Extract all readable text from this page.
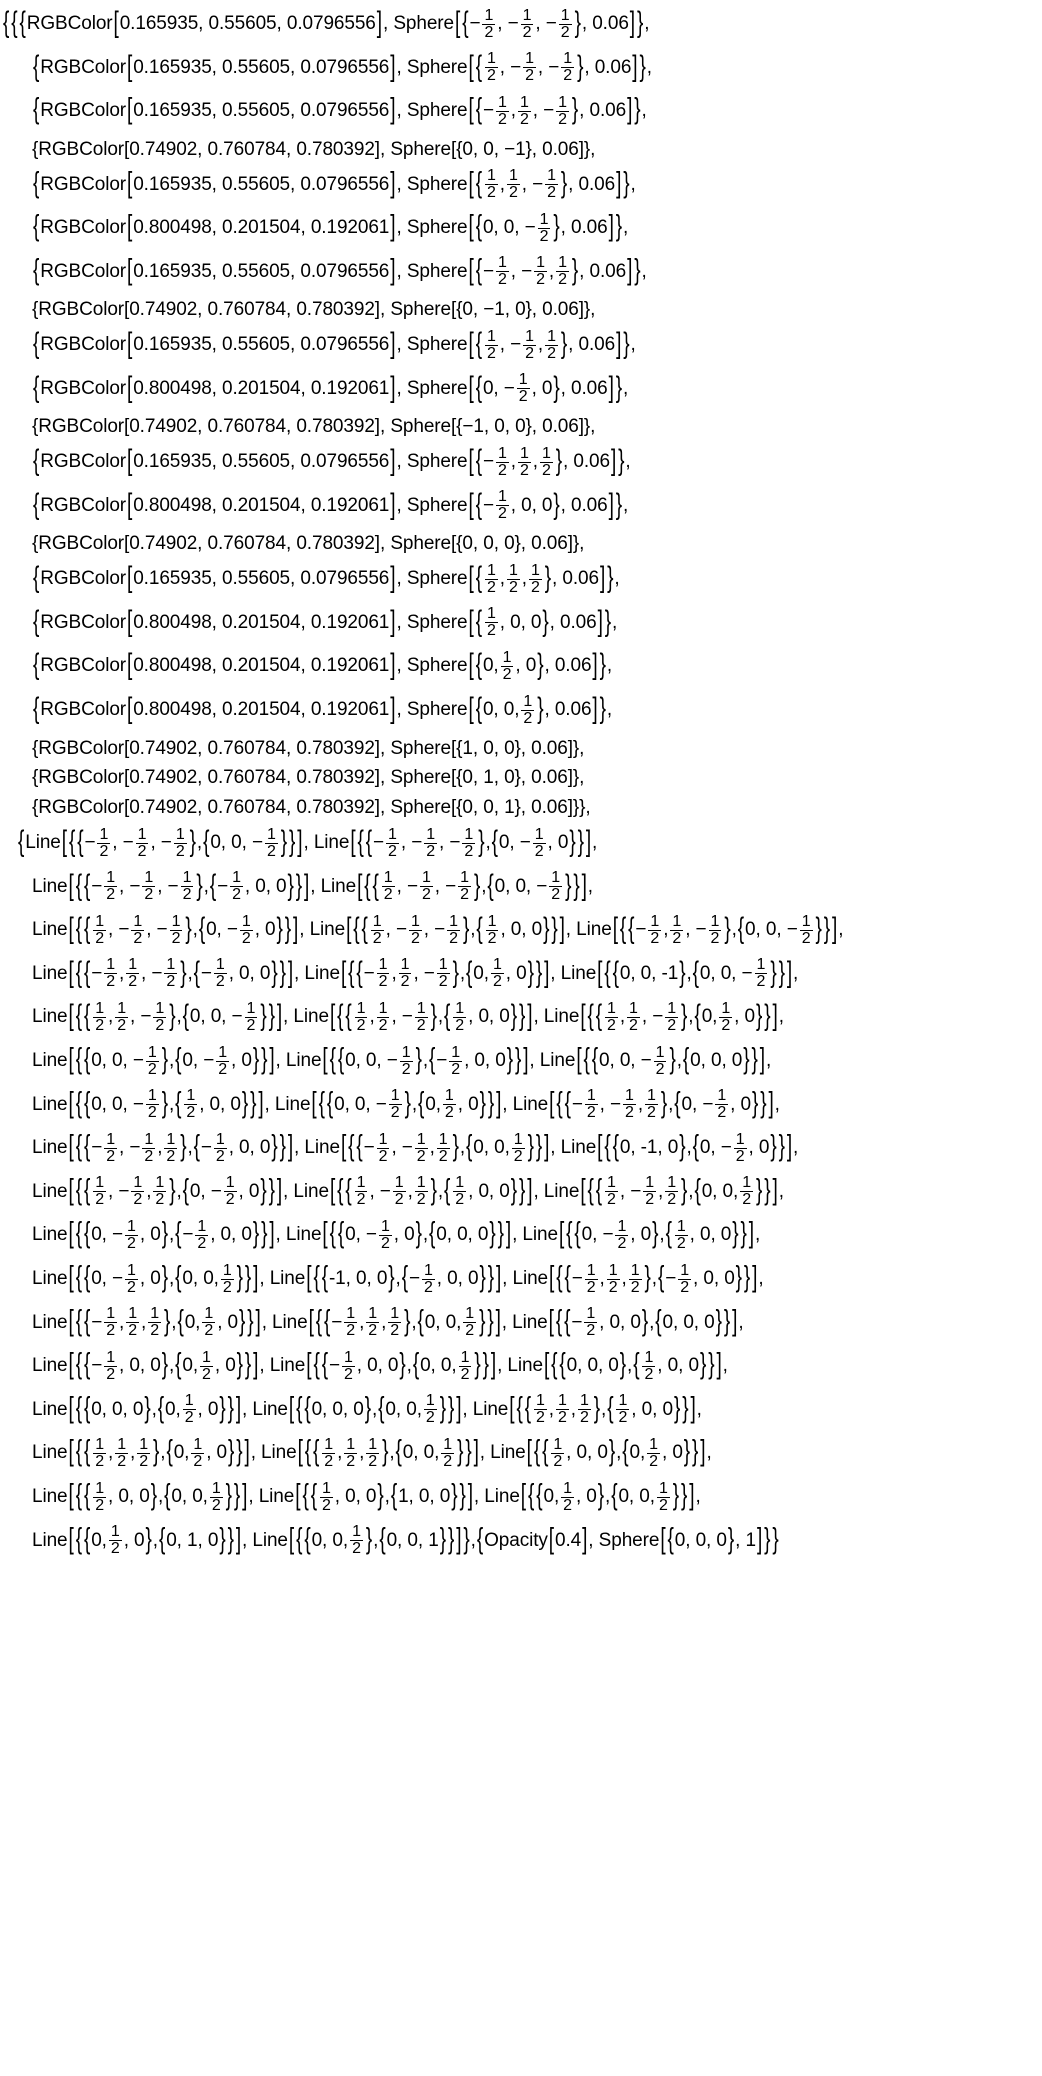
{ { { RGBColor [ 0.165935, 0.55605, 0.0796556 ] , Sphere [ { − $\frac{1}{2}$ , − $\frac{1}{2}$ , − $\frac{1}{2}$ } , 0.06 ] } ,
{ RGBColor [ 0.165935, 0.55605, 0.0796556 ] , Sphere [ { $\frac{1}{2}$ , − $\frac{1}{2}$ , − $\frac{1}{2}$ } , 0.06 ] } ,
{ RGBColor [ 0.165935, 0.55605, 0.0796556 ] , Sphere [ { − $\frac{1}{2}$ , $\frac{1}{2}$ , − $\frac{1}{2}$ } , 0.06 ] } ,
{RGBColor[0.74902, 0.760784, 0.780392], Sphere[{0, 0, −1}, 0.06]},
{ RGBColor [ 0.165935, 0.55605, 0.0796556 ] , Sphere [ { $\frac{1}{2}$ , $\frac{1}{2}$ , − $\frac{1}{2}$ } , 0.06 ] } ,
{ RGBColor [ 0.800498, 0.201504, 0.192061 ] , Sphere [ { 0, 0, − $\frac{1}{2}$ } , 0.06 ] } ,
{ RGBColor [ 0.165935, 0.55605, 0.0796556 ] , Sphere [ { − $\frac{1}{2}$ , − $\frac{1}{2}$ , $\frac{1}{2}$ } , 0.06 ] } ,
{RGBColor[0.74902, 0.760784, 0.780392], Sphere[{0, −1, 0}, 0.06]},
{ RGBColor [ 0.165935, 0.55605, 0.0796556 ] , Sphere [ { $\frac{1}{2}$ , − $\frac{1}{2}$ , $\frac{1}{2}$ } , 0.06 ] } ,
{ RGBColor [ 0.800498, 0.201504, 0.192061 ] , Sphere [ { 0, − $\frac{1}{2}$ , 0 } , 0.06 ] } ,
{RGBColor[0.74902, 0.760784, 0.780392], Sphere[{−1, 0, 0}, 0.06]},
{ RGBColor [ 0.165935, 0.55605, 0.0796556 ] , Sphere [ { − $\frac{1}{2}$ , $\frac{1}{2}$ , $\frac{1}{2}$ } , 0.06 ] } ,
{ RGBColor [ 0.800498, 0.201504, 0.192061 ] , Sphere [ { − $\frac{1}{2}$ , 0, 0 } , 0.06 ] } ,
{RGBColor[0.74902, 0.760784, 0.780392], Sphere[{0, 0, 0}, 0.06]},
{ RGBColor [ 0.165935, 0.55605, 0.0796556 ] , Sphere [ { $\frac{1}{2}$ , $\frac{1}{2}$ , $\frac{1}{2}$ } , 0.06 ] } ,
{ RGBColor [ 0.800498, 0.201504, 0.192061 ] , Sphere [ { $\frac{1}{2}$ , 0, 0 } , 0.06 ] } ,
{ RGBColor [ 0.800498, 0.201504, 0.192061 ] , Sphere [ { 0, $\frac{1}{2}$ , 0 } , 0.06 ] } ,
{ RGBColor [ 0.800498, 0.201504, 0.192061 ] , Sphere [ { 0, 0, $\frac{1}{2}$ } , 0.06 ] } ,
{RGBColor[0.74902, 0.760784, 0.780392], Sphere[{1, 0, 0}, 0.06]},
{RGBColor[0.74902, 0.760784, 0.780392], Sphere[{0, 1, 0}, 0.06]},
{RGBColor[0.74902, 0.760784, 0.780392], Sphere[{0, 0, 1}, 0.06]}},
{ Line [ { { − $\frac{1}{2}$ , − $\frac{1}{2}$ , − $\frac{1}{2}$ } , { 0, 0, − $\frac{1}{2}$ } } ] , Line [ { { − $\frac{1}{2}$ , − $\frac{1}{2}$ , − $\frac{1}{2}$ } , { 0, − $\frac{1}{2}$ , 0 } } ] ,
Line [ { { − $\frac{1}{2}$ , − $\frac{1}{2}$ , − $\frac{1}{2}$ } , { − $\frac{1}{2}$ , 0, 0 } } ] , Line [ { { $\frac{1}{2}$ , − $\frac{1}{2}$ , − $\frac{1}{2}$ } , { 0, 0, − $\frac{1}{2}$ } } ] ,
Line [ { { $\frac{1}{2}$ , − $\frac{1}{2}$ , − $\frac{1}{2}$ } , { 0, − $\frac{1}{2}$ , 0 } } ] , Line [ { { $\frac{1}{2}$ , − $\frac{1}{2}$ , − $\frac{1}{2}$ } , { $\frac{1}{2}$ , 0, 0 } } ] , Line [ { { − $\frac{1}{2}$ , $\frac{1}{2}$ , − $\frac{1}{2}$ } , { 0, 0, − $\frac{1}{2}$ } } ] ,
Line [ { { − $\frac{1}{2}$ , $\frac{1}{2}$ , − $\frac{1}{2}$ } , { − $\frac{1}{2}$ , 0, 0 } } ] , Line [ { { − $\frac{1}{2}$ , $\frac{1}{2}$ , − $\frac{1}{2}$ } , { 0, $\frac{1}{2}$ , 0 } } ] , Line [ { { 0, 0, -1 } , { 0, 0, − $\frac{1}{2}$ } } ] ,
Line [ { { $\frac{1}{2}$ , $\frac{1}{2}$ , − $\frac{1}{2}$ } , { 0, 0, − $\frac{1}{2}$ } } ] , Line [ { { $\frac{1}{2}$ , $\frac{1}{2}$ , − $\frac{1}{2}$ } , { $\frac{1}{2}$ , 0, 0 } } ] , Line [ { { $\frac{1}{2}$ , $\frac{1}{2}$ , − $\frac{1}{2}$ } , { 0, $\frac{1}{2}$ , 0 } } ] ,
Line [ { { 0, 0, − $\frac{1}{2}$ } , { 0, − $\frac{1}{2}$ , 0 } } ] , Line [ { { 0, 0, − $\frac{1}{2}$ } , { − $\frac{1}{2}$ , 0, 0 } } ] , Line [ { { 0, 0, − $\frac{1}{2}$ } , { 0, 0, 0 } } ] ,
Line [ { { 0, 0, − $\frac{1}{2}$ } , { $\frac{1}{2}$ , 0, 0 } } ] , Line [ { { 0, 0, − $\frac{1}{2}$ } , { 0, $\frac{1}{2}$ , 0 } } ] , Line [ { { − $\frac{1}{2}$ , − $\frac{1}{2}$ , $\frac{1}{2}$ } , { 0, − $\frac{1}{2}$ , 0 } } ] ,
Line [ { { − $\frac{1}{2}$ , − $\frac{1}{2}$ , $\frac{1}{2}$ } , { − $\frac{1}{2}$ , 0, 0 } } ] , Line [ { { − $\frac{1}{2}$ , − $\frac{1}{2}$ , $\frac{1}{2}$ } , { 0, 0, $\frac{1}{2}$ } } ] , Line [ { { 0, -1, 0 } , { 0, − $\frac{1}{2}$ , 0 } } ] ,
Line [ { { $\frac{1}{2}$ , − $\frac{1}{2}$ , $\frac{1}{2}$ } , { 0, − $\frac{1}{2}$ , 0 } } ] , Line [ { { $\frac{1}{2}$ , − $\frac{1}{2}$ , $\frac{1}{2}$ } , { $\frac{1}{2}$ , 0, 0 } } ] , Line [ { { $\frac{1}{2}$ , − $\frac{1}{2}$ , $\frac{1}{2}$ } , { 0, 0, $\frac{1}{2}$ } } ] ,
Line [ { { 0, − $\frac{1}{2}$ , 0 } , { − $\frac{1}{2}$ , 0, 0 } } ] , Line [ { { 0, − $\frac{1}{2}$ , 0 } , { 0, 0, 0 } } ] , Line [ { { 0, − $\frac{1}{2}$ , 0 } , { $\frac{1}{2}$ , 0, 0 } } ] ,
Line [ { { 0, − $\frac{1}{2}$ , 0 } , { 0, 0, $\frac{1}{2}$ } } ] , Line [ { { -1, 0, 0 } , { − $\frac{1}{2}$ , 0, 0 } } ] , Line [ { { − $\frac{1}{2}$ , $\frac{1}{2}$ , $\frac{1}{2}$ } , { − $\frac{1}{2}$ , 0, 0 } } ] ,
Line [ { { − $\frac{1}{2}$ , $\frac{1}{2}$ , $\frac{1}{2}$ } , { 0, $\frac{1}{2}$ , 0 } } ] , Line [ { { − $\frac{1}{2}$ , $\frac{1}{2}$ , $\frac{1}{2}$ } , { 0, 0, $\frac{1}{2}$ } } ] , Line [ { { − $\frac{1}{2}$ , 0, 0 } , { 0, 0, 0 } } ] ,
Line [ { { − $\frac{1}{2}$ , 0, 0 } , { 0, $\frac{1}{2}$ , 0 } } ] , Line [ { { − $\frac{1}{2}$ , 0, 0 } , { 0, 0, $\frac{1}{2}$ } } ] , Line [ { { 0, 0, 0 } , { $\frac{1}{2}$ , 0, 0 } } ] ,
Line [ { { 0, 0, 0 } , { 0, $\frac{1}{2}$ , 0 } } ] , Line [ { { 0, 0, 0 } , { 0, 0, $\frac{1}{2}$ } } ] , Line [ { { $\frac{1}{2}$ , $\frac{1}{2}$ , $\frac{1}{2}$ } , { $\frac{1}{2}$ , 0, 0 } } ] ,
Line [ { { $\frac{1}{2}$ , $\frac{1}{2}$ , $\frac{1}{2}$ } , { 0, $\frac{1}{2}$ , 0 } } ] , Line [ { { $\frac{1}{2}$ , $\frac{1}{2}$ , $\frac{1}{2}$ } , { 0, 0, $\frac{1}{2}$ } } ] , Line [ { { $\frac{1}{2}$ , 0, 0 } , { 0, $\frac{1}{2}$ , 0 } } ] ,
Line [ { { $\frac{1}{2}$ , 0, 0 } , { 0, 0, $\frac{1}{2}$ } } ] , Line [ { { $\frac{1}{2}$ , 0, 0 } , { 1, 0, 0 } } ] , Line [ { { 0, $\frac{1}{2}$ , 0 } , { 0, 0, $\frac{1}{2}$ } } ] ,
Line [ { { 0, $\frac{1}{2}$ , 0 } , { 0, 1, 0 } } ] , Line [ { { 0, 0, $\frac{1}{2}$ } , { 0, 0, 1 } } ] } , { Opacity [ 0.4 ] , Sphere [ { 0, 0, 0 } , 1 ] } }
